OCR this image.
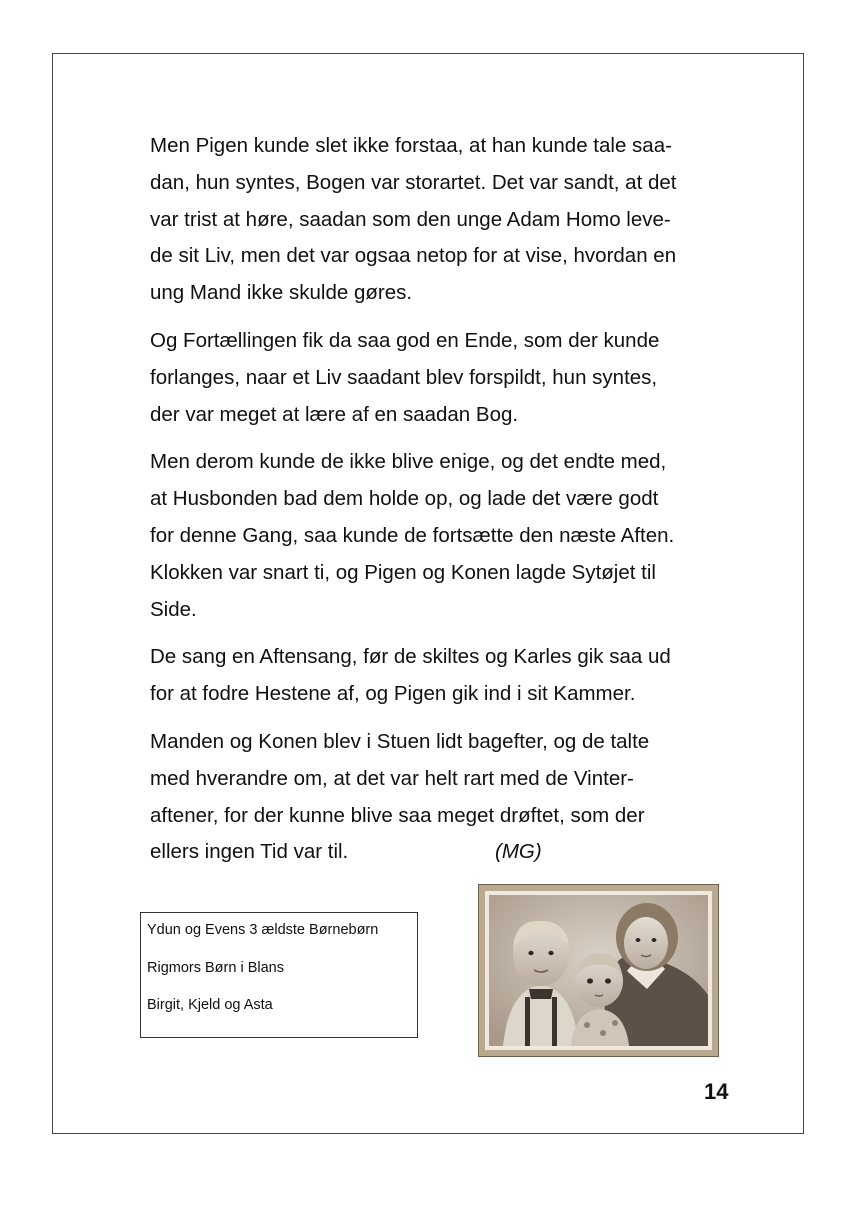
Men Pigen kunde slet ikke forstaa, at han kunde tale saa-
dan, hun syntes, Bogen var storartet. Det var sandt, at det
var trist at høre, saadan som den unge Adam Homo leve-
de sit Liv, men det var ogsaa netop for at vise, hvordan en
ung Mand ikke skulde gøres.
Og Fortællingen fik da saa god en Ende, som der kunde
forlanges, naar et Liv saadant blev forspildt, hun syntes,
der var meget at lære af en saadan Bog.
Men derom kunde de ikke blive enige, og det endte med,
at Husbonden bad dem holde op, og lade det være godt
for denne Gang, saa kunde de fortsætte den næste Aften.
Klokken var snart ti, og Pigen og Konen lagde Sytøjet til
Side.
De sang en Aftensang, før de skiltes og Karles gik saa ud
for at fodre Hestene af, og Pigen gik ind i sit Kammer.
Manden og Konen blev i Stuen lidt bagefter, og de talte
med hverandre om, at det var helt rart med de Vinter-
aftener, for der kunne blive saa meget drøftet, som der
ellers ingen Tid var til.	(MG)
Ydun og Evens 3 ældste Børnebørn
Rigmors Børn i Blans
Birgit, Kjeld og Asta
14
